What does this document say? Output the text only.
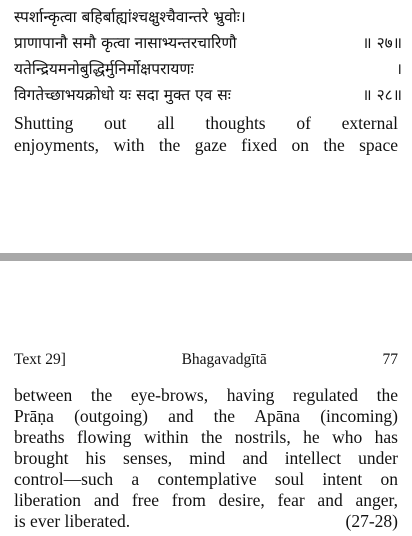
स्पर्शान्कृत्वा बहिर्बाह्यांश्चक्षुश्चैवान्तरे भ्रुवोः।
प्राणापानौ समौ कृत्वा नासाभ्यन्तरचारिणौ	॥ २७॥
यतेन्द्रियमनोबुद्धिर्मुनिर्मोक्षपरायणः	।
विगतेच्छाभयक्रोधो यः सदा मुक्त एव सः	॥ २८॥
Shutting out all thoughts of external
enjoyments, with the gaze fixed on the space
Text 29]	Bhagavadgītā	77
between the eye-brows, having regulated the
Prāṇa (outgoing) and the Apāna (incoming)
breaths flowing within the nostrils, he who has
brought his senses, mind and intellect under
control—such a contemplative soul intent on
liberation and free from desire, fear and anger,
is ever liberated.	(27-28)
